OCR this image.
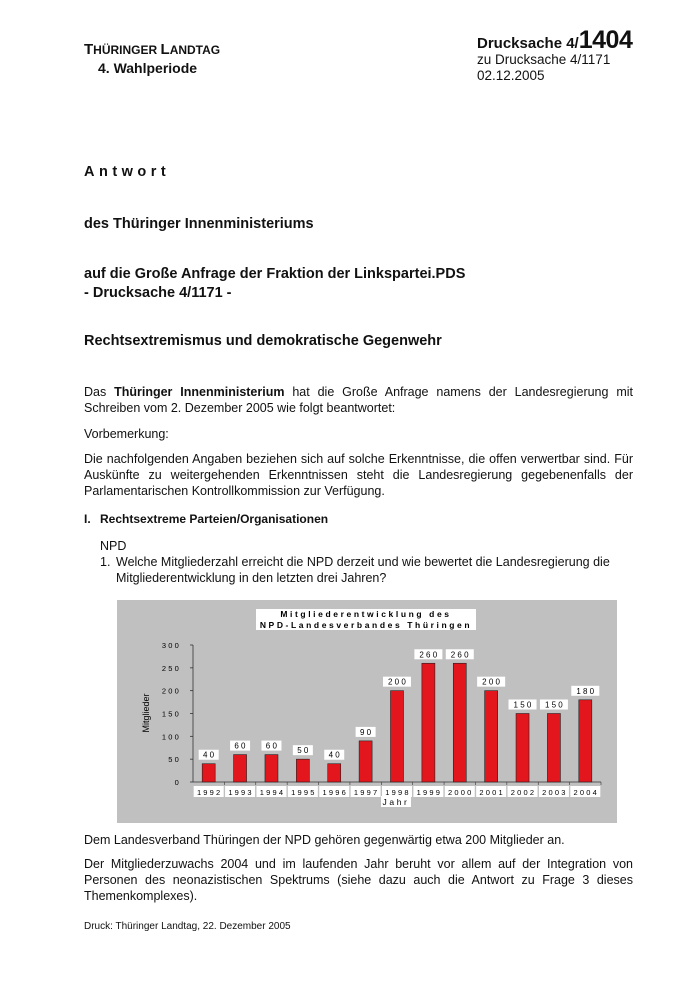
THÜRINGER LANDTAG
4. Wahlperiode
Drucksache 4/1404
zu Drucksache 4/1171
02.12.2005
Antwort
des Thüringer Innenministeriums
auf die Große Anfrage der Fraktion der Linkspartei.PDS
- Drucksache 4/1171 -
Rechtsextremismus und demokratische Gegenwehr
Das Thüringer Innenministerium hat die Große Anfrage namens der Landesregierung mit Schreiben vom 2. Dezember 2005 wie folgt beantwortet:
Vorbemerkung:
Die nachfolgenden Angaben beziehen sich auf solche Erkenntnisse, die offen verwertbar sind. Für Auskünfte zu weitergehenden Erkenntnissen steht die Landesregierung gegebenenfalls der Parlamentarischen Kontrollkommission zur Verfügung.
I. Rechtsextreme Parteien/Organisationen
NPD
1. Welche Mitgliederzahl erreicht die NPD derzeit und wie bewertet die Landesregierung die Mitgliederentwicklung in den letzten drei Jahren?
Mitgliederentwicklung des
NPD-Landesverbandes Thüringen
Mitglieder
Jahr
0
50
100
150
200
250
300
40
1992
60
1993
60
1994
50
1995
40
1996
90
1997
200
1998
260
1999
260
2000
200
2001
150
2002
150
2003
180
2004
Dem Landesverband Thüringen der NPD gehören gegenwärtig etwa 200 Mitglieder an.
Der Mitgliederzuwachs 2004 und im laufenden Jahr beruht vor allem auf der Integration von Personen des neonazistischen Spektrums (siehe dazu auch die Antwort zu Frage 3 dieses Themenkomplexes).
Druck: Thüringer Landtag, 22. Dezember 2005
